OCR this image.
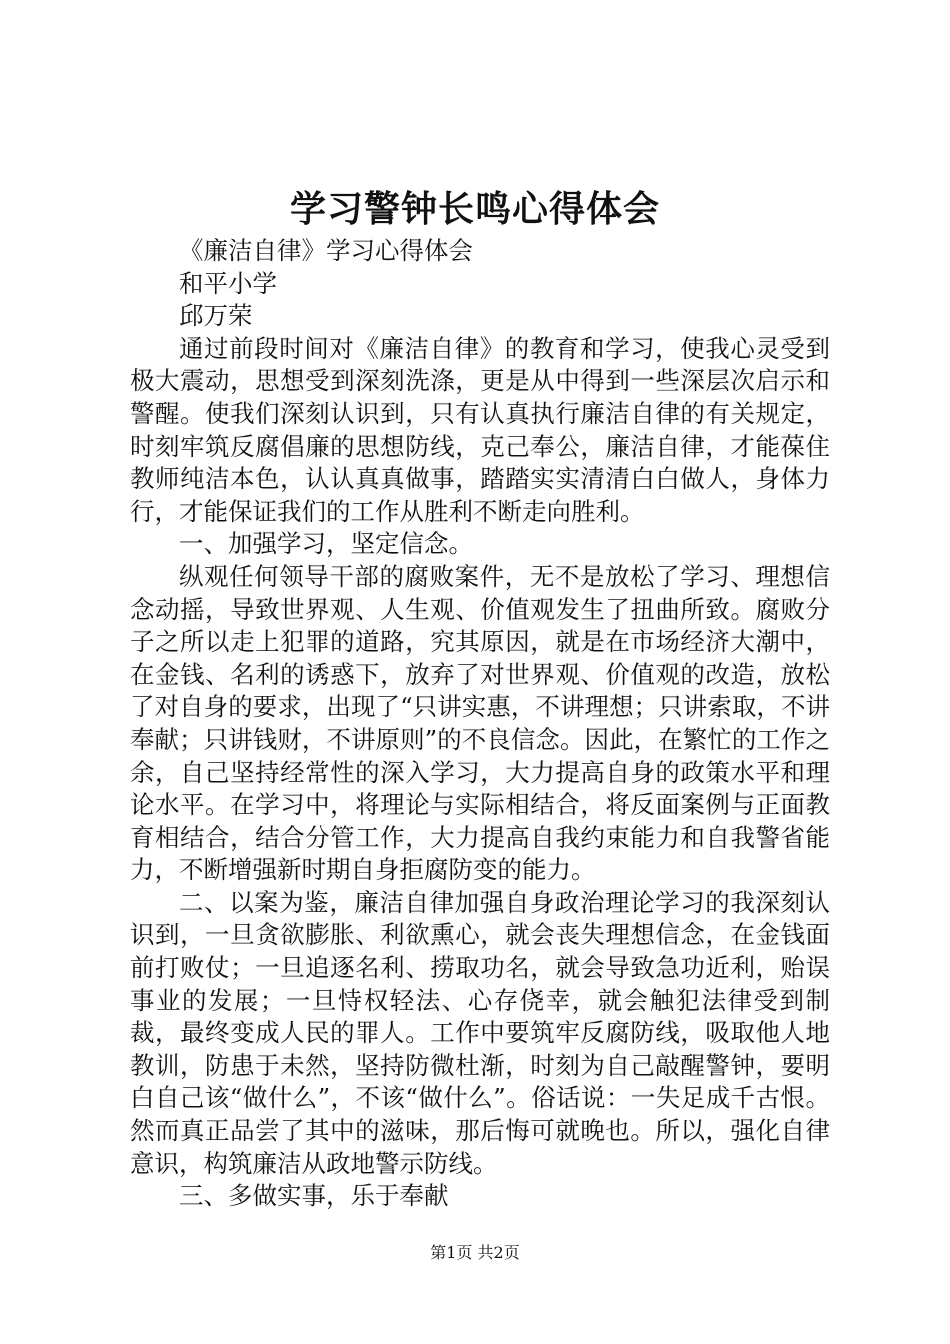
学习警钟长鸣心得体会

《廉洁自律》学习心得体会

和平小学

邱万荣

通过前段时间对《廉洁自律》的教育和学习，使我心灵受到极大震动，思想受到深刻洗涤，更是从中得到一些深层次启示和警醒。使我们深刻认识到，只有认真执行廉洁自律的有关规定，时刻牢筑反腐倡廉的思想防线，克己奉公，廉洁自律，才能葆住教师纯洁本色，认认真真做事，踏踏实实清清白白做人，身体力行，才能保证我们的工作从胜利不断走向胜利。

一、加强学习，坚定信念。

纵观任何领导干部的腐败案件，无不是放松了学习、理想信念动摇，导致世界观、人生观、价值观发生了扭曲所致。腐败分子之所以走上犯罪的道路，究其原因，就是在市场经济大潮中，在金钱、名利的诱惑下，放弃了对世界观、价值观的改造，放松了对自身的要求，出现了“只讲实惠，不讲理想；只讲索取，不讲奉献；只讲钱财，不讲原则”的不良信念。因此，在繁忙的工作之余，自己坚持经常性的深入学习，大力提高自身的政策水平和理论水平。在学习中，将理论与实际相结合，将反面案例与正面教育相结合，结合分管工作，大力提高自我约束能力和自我警省能力，不断增强新时期自身拒腐防变的能力。

二、以案为鉴，廉洁自律加强自身政治理论学习的我深刻认识到，一旦贪欲膨胀、利欲熏心，就会丧失理想信念，在金钱面前打败仗；一旦追逐名利、捞取功名，就会导致急功近利，贻误事业的发展；一旦恃权轻法、心存侥幸，就会触犯法律受到制裁，最终变成人民的罪人。工作中要筑牢反腐防线，吸取他人地教训，防患于未然，坚持防微杜渐，时刻为自己敲醒警钟，要明白自己该“做什么”，不该“做什么”。俗话说：一失足成千古恨。然而真正品尝了其中的滋味，那后悔可就晚也。所以，强化自律意识，构筑廉洁从政地警示防线。

三、多做实事，乐于奉献

第1页 共2页
